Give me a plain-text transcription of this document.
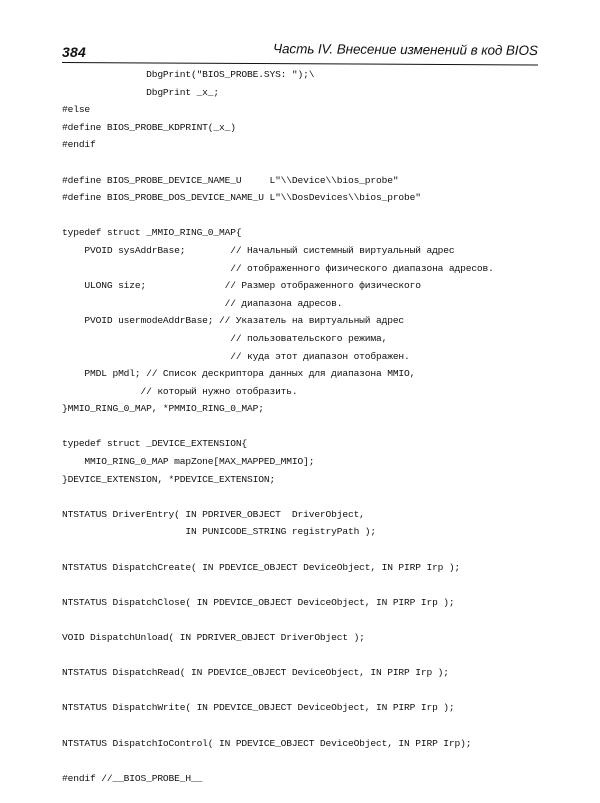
384	Часть IV. Внесение изменений в код BIOS
DbgPrint("BIOS_PROBE.SYS: ");\
DbgPrint _x_;
#else
#define BIOS_PROBE_KDPRINT(_x_)
#endif
#define BIOS_PROBE_DEVICE_NAME_U     L"\\Device\\bios_probe"
#define BIOS_PROBE_DOS_DEVICE_NAME_U L"\\DosDevices\\bios_probe"
typedef struct _MMIO_RING_0_MAP{
PVOID sysAddrBase;        // Начальный системный виртуальный адрес
// отображенного физического диапазона адресов.
ULONG size;              // Размер отображенного физического
// диапазона адресов.
PVOID usermodeAddrBase; // Указатель на виртуальный адрес
// пользовательского режима,
// куда этот диапазон отображен.
PMDL pMdl; // Список дескриптора данных для диапазона MMIO,
// который нужно отобразить.
}MMIO_RING_0_MAP, *PMMIO_RING_0_MAP;
typedef struct _DEVICE_EXTENSION{
MMIO_RING_0_MAP mapZone[MAX_MAPPED_MMIO];
}DEVICE_EXTENSION, *PDEVICE_EXTENSION;
NTSTATUS DriverEntry( IN PDRIVER_OBJECT  DriverObject,
IN PUNICODE_STRING registryPath );
NTSTATUS DispatchCreate( IN PDEVICE_OBJECT DeviceObject, IN PIRP Irp );
NTSTATUS DispatchClose( IN PDEVICE_OBJECT DeviceObject, IN PIRP Irp );
VOID DispatchUnload( IN PDRIVER_OBJECT DriverObject );
NTSTATUS DispatchRead( IN PDEVICE_OBJECT DeviceObject, IN PIRP Irp );
NTSTATUS DispatchWrite( IN PDEVICE_OBJECT DeviceObject, IN PIRP Irp );
NTSTATUS DispatchIoControl( IN PDEVICE_OBJECT DeviceObject, IN PIRP Irp);
#endif //__BIOS_PROBE_H__
